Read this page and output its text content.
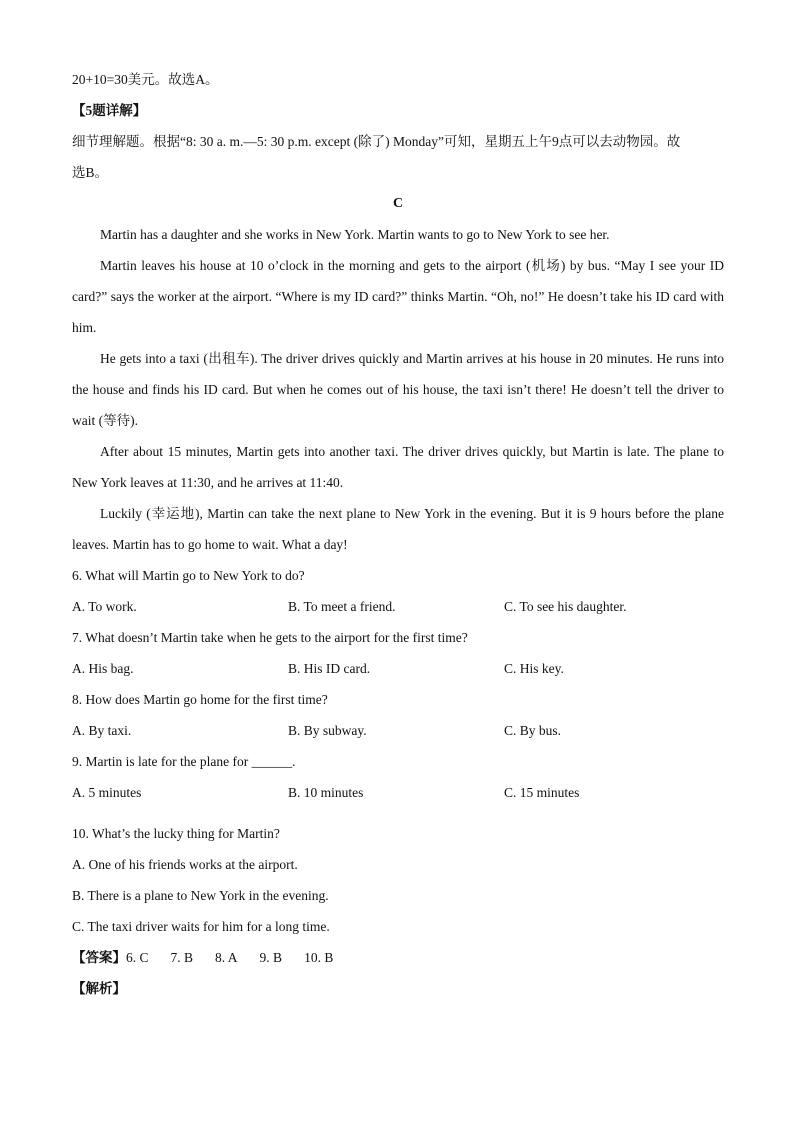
20+10=30美元。故选A。
【5题详解】
细节理解题。根据“8: 30 a. m.—5: 30 p.m. except (除了) Monday”可知，星期五上午9点可以去动物园。故
选B。
C
Martin has a daughter and she works in New York. Martin wants to go to New York to see her.
Martin leaves his house at 10 o’clock in the morning and gets to the airport (机场) by bus. “May I see your ID card?” says the worker at the airport. “Where is my ID card?” thinks Martin. “Oh, no!” He doesn’t take his ID card with him.
He gets into a taxi (出租车). The driver drives quickly and Martin arrives at his house in 20 minutes. He runs into the house and finds his ID card. But when he comes out of his house, the taxi isn’t there! He doesn’t tell the driver to wait (等待).
After about 15 minutes, Martin gets into another taxi. The driver drives quickly, but Martin is late. The plane to New York leaves at 11:30, and he arrives at 11:40.
Luckily (幸运地), Martin can take the next plane to New York in the evening. But it is 9 hours before the plane leaves. Martin has to go home to wait. What a day!
6. What will Martin go to New York to do?
A. To work.	B. To meet a friend.	C. To see his daughter.
7. What doesn’t Martin take when he gets to the airport for the first time?
A. His bag.	B. His ID card.	C. His key.
8. How does Martin go home for the first time?
A. By taxi.	B. By subway.	C. By bus.
9. Martin is late for the plane for ______.
A. 5 minutes	B. 10 minutes	C. 15 minutes
10. What’s the lucky thing for Martin?
A. One of his friends works at the airport.
B. There is a plane to New York in the evening.
C. The taxi driver waits for him for a long time.
【答案】6. C 7. B 8. A 9. B 10. B
【解析】
